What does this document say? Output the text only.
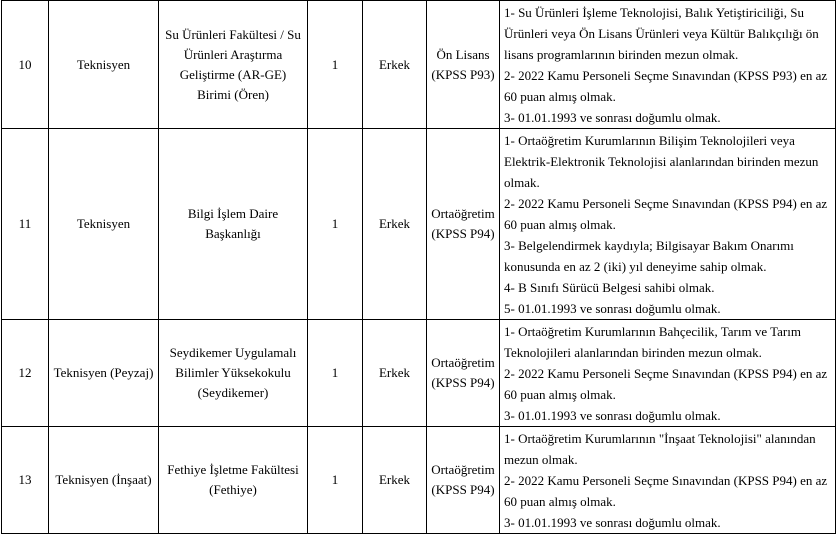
10	Teknisyen	Su Ürünleri Fakültesi / Su Ürünleri Araştırma Geliştirme (AR-GE) Birimi (Ören)	1	Erkek	Ön Lisans (KPSS P93)	1- Su Ürünleri İşleme Teknolojisi, Balık Yetiştiriciliği, Su Ürünleri veya Ön Lisans Ürünleri veya Kültür Balıkçılığı ön lisans programlarının birinden mezun olmak.
2- 2022 Kamu Personeli Seçme Sınavından (KPSS P93) en az 60 puan almış olmak.
3- 01.01.1993 ve sonrası doğumlu olmak.

11	Teknisyen	Bilgi İşlem Daire Başkanlığı	1	Erkek	Ortaöğretim (KPSS P94)	1- Ortaöğretim Kurumlarının Bilişim Teknolojileri veya Elektrik-Elektronik Teknolojisi alanlarından birinden mezun olmak.
2- 2022 Kamu Personeli Seçme Sınavından (KPSS P94) en az 60 puan almış olmak.
3- Belgelendirmek kaydıyla; Bilgisayar Bakım Onarımı konusunda en az 2 (iki) yıl deneyime sahip olmak.
4- B Sınıfı Sürücü Belgesi sahibi olmak.
5- 01.01.1993 ve sonrası doğumlu olmak.

12	Teknisyen (Peyzaj)	Seydikemer Uygulamalı Bilimler Yüksekokulu (Seydikemer)	1	Erkek	Ortaöğretim (KPSS P94)	1- Ortaöğretim Kurumlarının Bahçecilik, Tarım ve Tarım Teknolojileri alanlarından birinden mezun olmak.
2- 2022 Kamu Personeli Seçme Sınavından (KPSS P94) en az 60 puan almış olmak.
3- 01.01.1993 ve sonrası doğumlu olmak.

13	Teknisyen (İnşaat)	Fethiye İşletme Fakültesi (Fethiye)	1	Erkek	Ortaöğretim (KPSS P94)	1- Ortaöğretim Kurumlarının "İnşaat Teknolojisi" alanından mezun olmak.
2- 2022 Kamu Personeli Seçme Sınavından (KPSS P94) en az 60 puan almış olmak.
3- 01.01.1993 ve sonrası doğumlu olmak.
